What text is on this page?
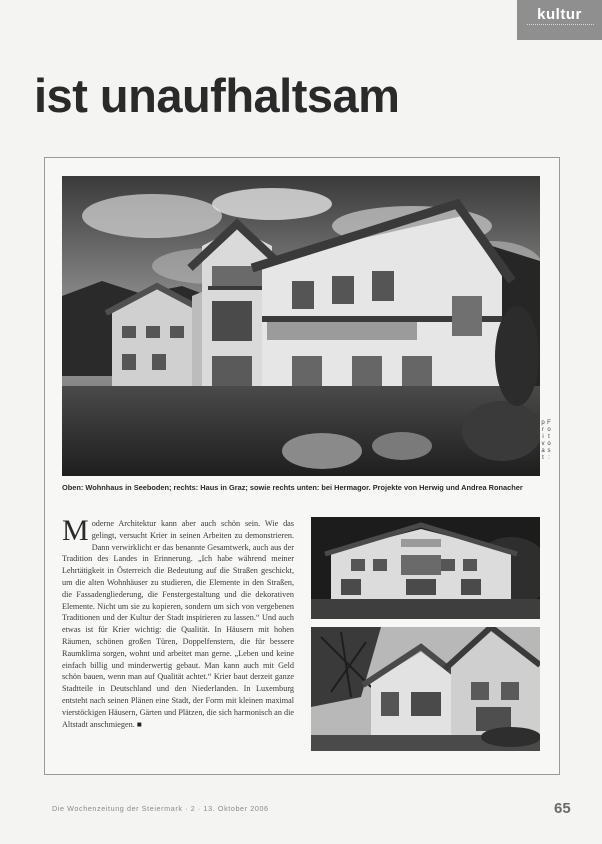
kultur
ist unaufhaltsam
Fotos: privat
Oben: Wohnhaus in Seeboden; rechts: Haus in Graz; sowie rechts unten: bei Hermagor. Projekte von Herwig und Andrea Ronacher
Moderne Architektur kann aber auch schön sein. Wie das gelingt, versucht Krier in seinen Arbeiten zu demonstrieren. Dann verwirklicht er das benannte Gesamtwerk, auch aus der Tradition des Landes in Erinnerung. „Ich habe während meiner Lehrtätigkeit in Österreich die Bedeutung auf die Straßen geschickt, um die alten Wohnhäuser zu studieren, die Elemente in den Straßen, die Fassadengliederung, die Fenstergestaltung und die dekorativen Elemente. Nicht um sie zu kopieren, sondern um sich von vergebenen Traditionen und der Kultur der Stadt inspirieren zu lassen.“ Und auch etwas ist für Krier wichtig: die Qualität. In Häusern mit hohen Räumen, schönen großen Türen, Doppelfenstern, die für bessere Raumklima sorgen, wohnt und arbeitet man gerne. „Leben und keine einfach billig und minderwertig gebaut. Man kann auch mit Geld schön bauen, wenn man auf Qualität achtet.“ Krier baut derzeit ganze Stadtteile in Deutschland und den Niederlanden. In Luxemburg entsteht nach seinen Plänen eine Stadt, der Form mit kleinen maximal vierstöckigen Häusern, Gärten und Plätzen, die sich harmonisch an die Altstadt anschmiegen. ■
Die Wochenzeitung der Steiermark · 2 · 13. Oktober 2006	65
